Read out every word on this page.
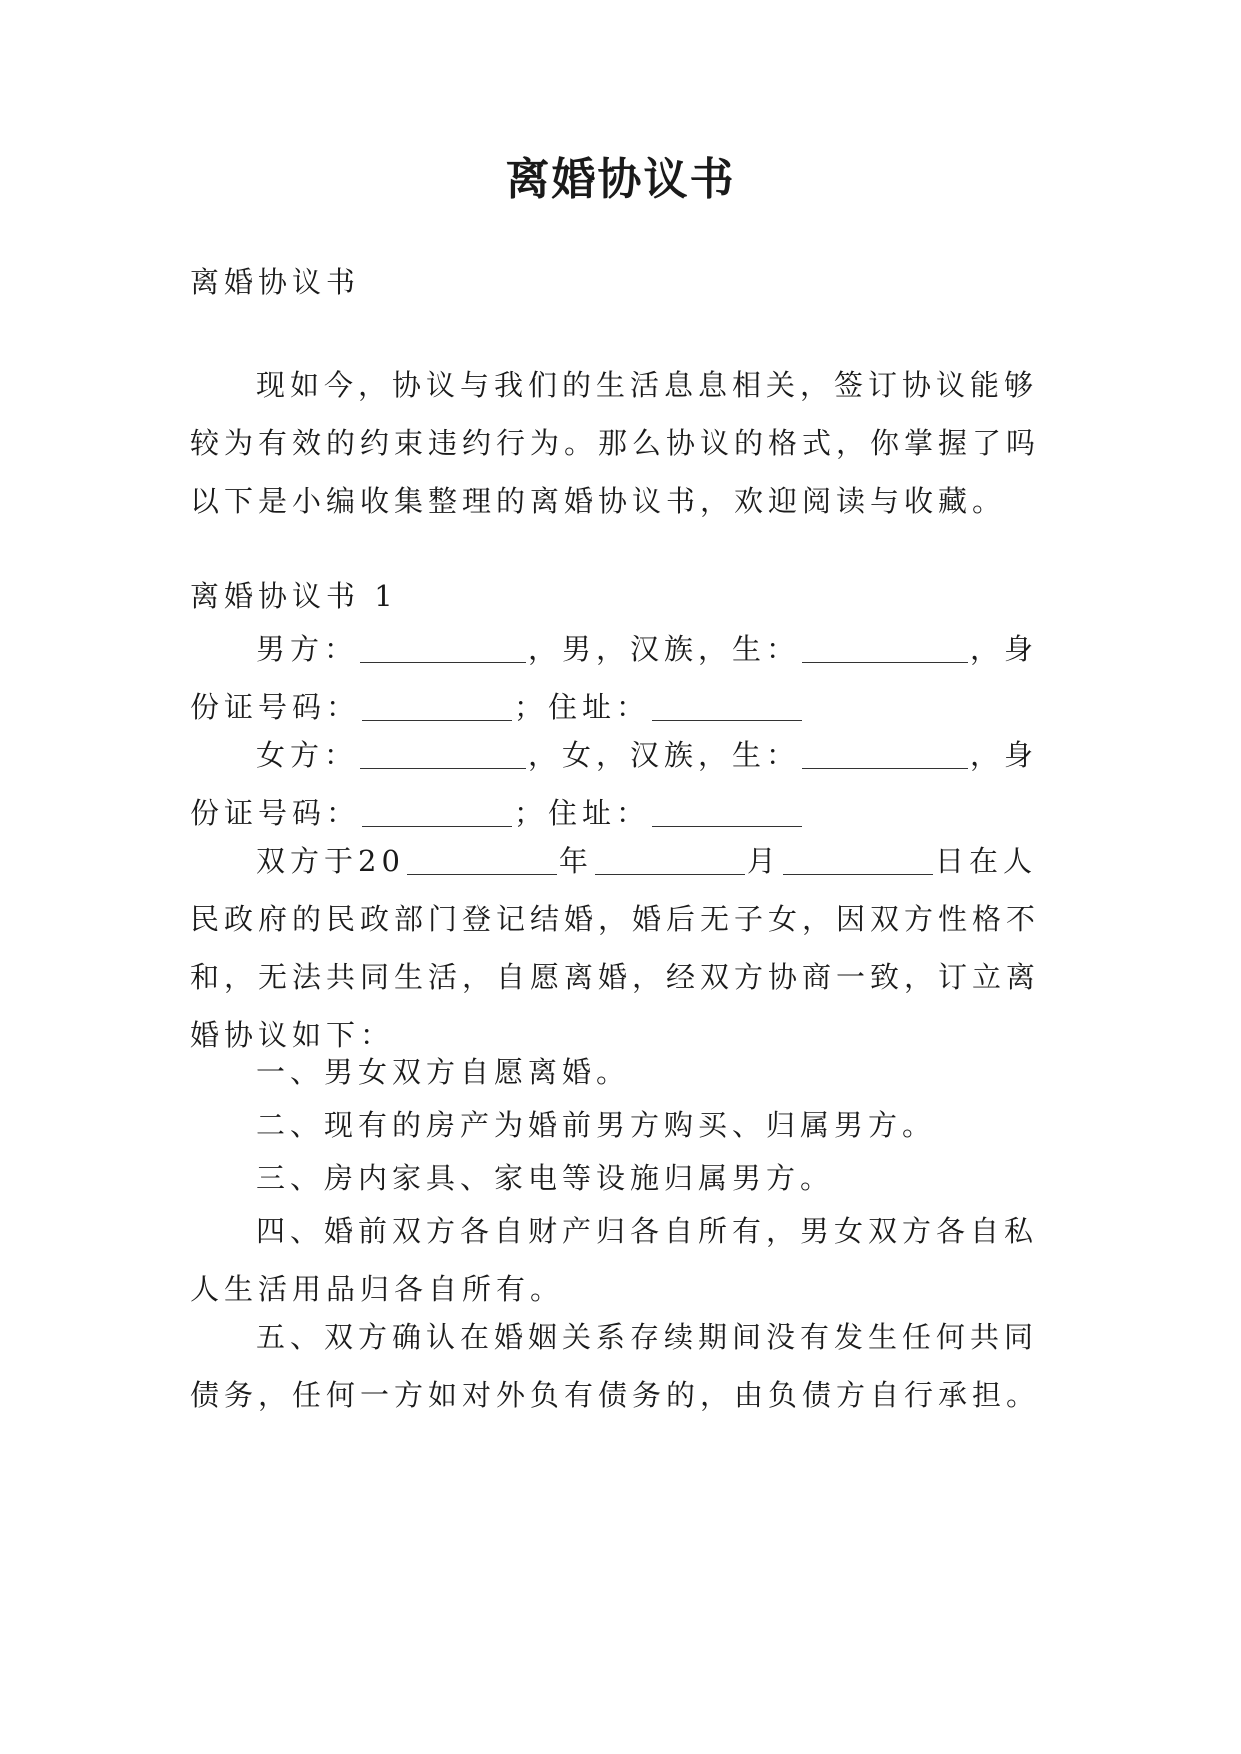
离婚协议书

离婚协议书

现如今，协议与我们的生活息息相关，签订协议能够较为有效的约束违约行为。那么协议的格式，你掌握了吗以下是小编收集整理的离婚协议书，欢迎阅读与收藏。

离婚协议书 1

男方：	，男，汉族，生：	，身份证号码：	；住址：

女方：	，女，汉族，生：	，身份证号码：	；住址：

双方于20	年	月	日在人民政府的民政部门登记结婚，婚后无子女，因双方性格不和，无法共同生活，自愿离婚，经双方协商一致，订立离婚协议如下：

一、男女双方自愿离婚。

二、现有的房产为婚前男方购买、归属男方。

三、房内家具、家电等设施归属男方。

四、婚前双方各自财产归各自所有，男女双方各自私人生活用品归各自所有。

五、双方确认在婚姻关系存续期间没有发生任何共同债务，任何一方如对外负有债务的，由负债方自行承担。
